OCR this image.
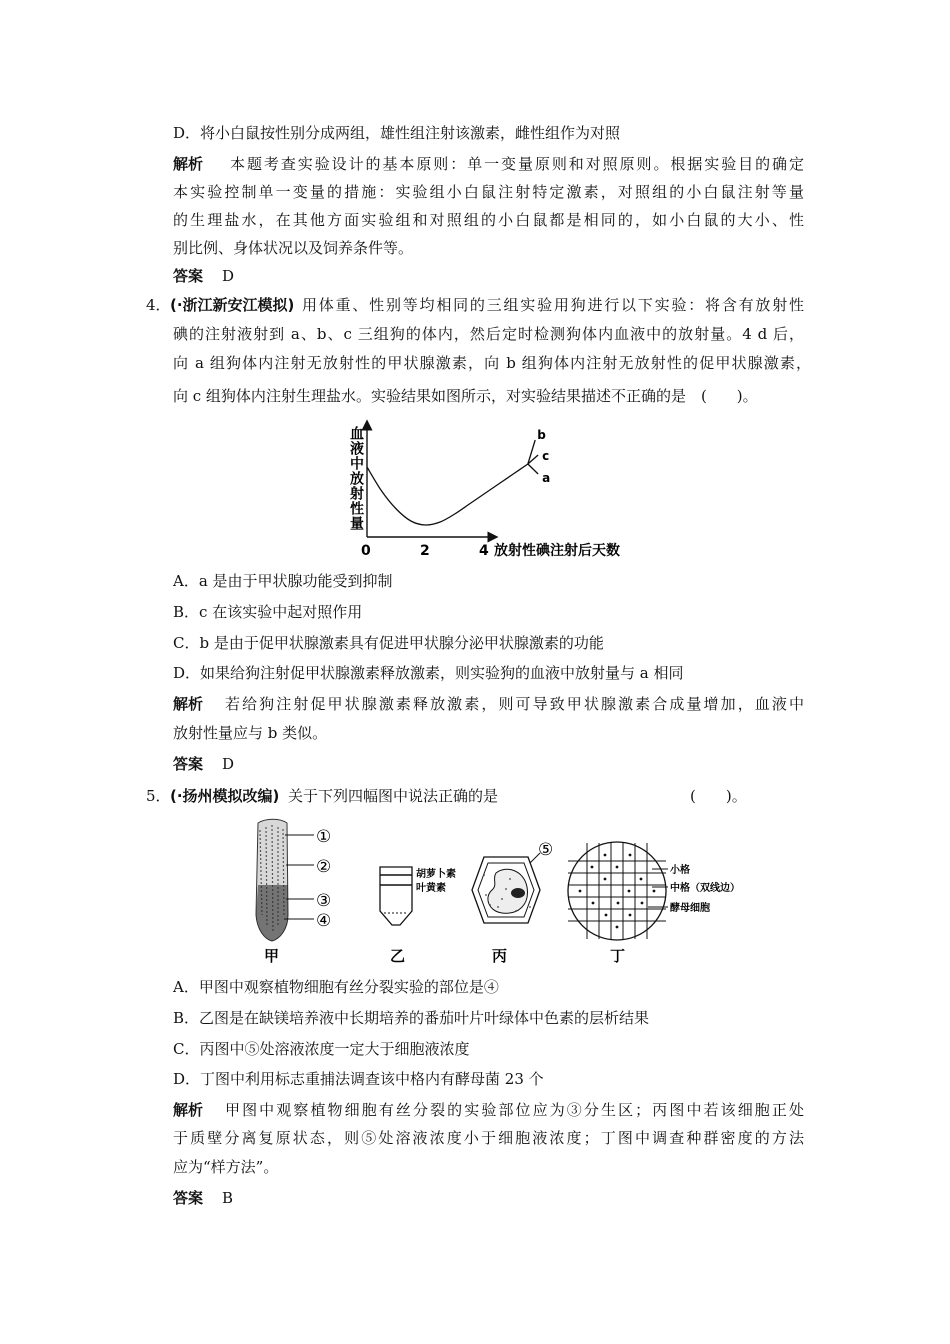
D．将小白鼠按性别分成两组，雄性组注射该激素，雌性组作为对照
解析 本题考查实验设计的基本原则：单一变量原则和对照原则。根据实验目的确定
本实验控制单一变量的措施：实验组小白鼠注射特定激素，对照组的小白鼠注射等量
的生理盐水，在其他方面实验组和对照组的小白鼠都是相同的，如小白鼠的大小、性
别比例、身体状况以及饲养条件等。
答案 D
4． (·浙江新安江模拟) 用体重、性别等均相同的三组实验用狗进行以下实验：将含有放射性
碘的注射液射到 a、b、c 三组狗的体内，然后定时检测狗体内血液中的放射量。4 d 后，
向 a 组狗体内注射无放射性的甲状腺激素，向 b 组狗体内注射无放射性的促甲状腺激素，
向 c 组狗体内注射生理盐水。实验结果如图所示，对实验结果描述不正确的是　(　　)。
血液中放射性量
0	2	4 放射性碘注射后天数
b
c
a
A．a 是由于甲状腺功能受到抑制
B．c 在该实验中起对照作用
C．b 是由于促甲状腺激素具有促进甲状腺分泌甲状腺激素的功能
D．如果给狗注射促甲状腺激素释放激素，则实验狗的血液中放射量与 a 相同
解析 若给狗注射促甲状腺激素释放激素，则可导致甲状腺激素合成量增加，血液中
放射性量应与 b 类似。
答案 D
5． (·扬州模拟改编) 关于下列四幅图中说法正确的是	(　　)。
①
②
③
④
甲
胡萝卜素
叶黄素
乙
⑤
丙
小格
中格（双线边）
酵母细胞
丁
A．甲图中观察植物细胞有丝分裂实验的部位是④
B．乙图是在缺镁培养液中长期培养的番茄叶片叶绿体中色素的层析结果
C．丙图中⑤处溶液浓度一定大于细胞液浓度
D．丁图中利用标志重捕法调查该中格内有酵母菌 23 个
解析 甲图中观察植物细胞有丝分裂的实验部位应为③分生区；丙图中若该细胞正处
于质壁分离复原状态，则⑤处溶液浓度小于细胞液浓度；丁图中调查种群密度的方法
应为“样方法”。
答案 B
